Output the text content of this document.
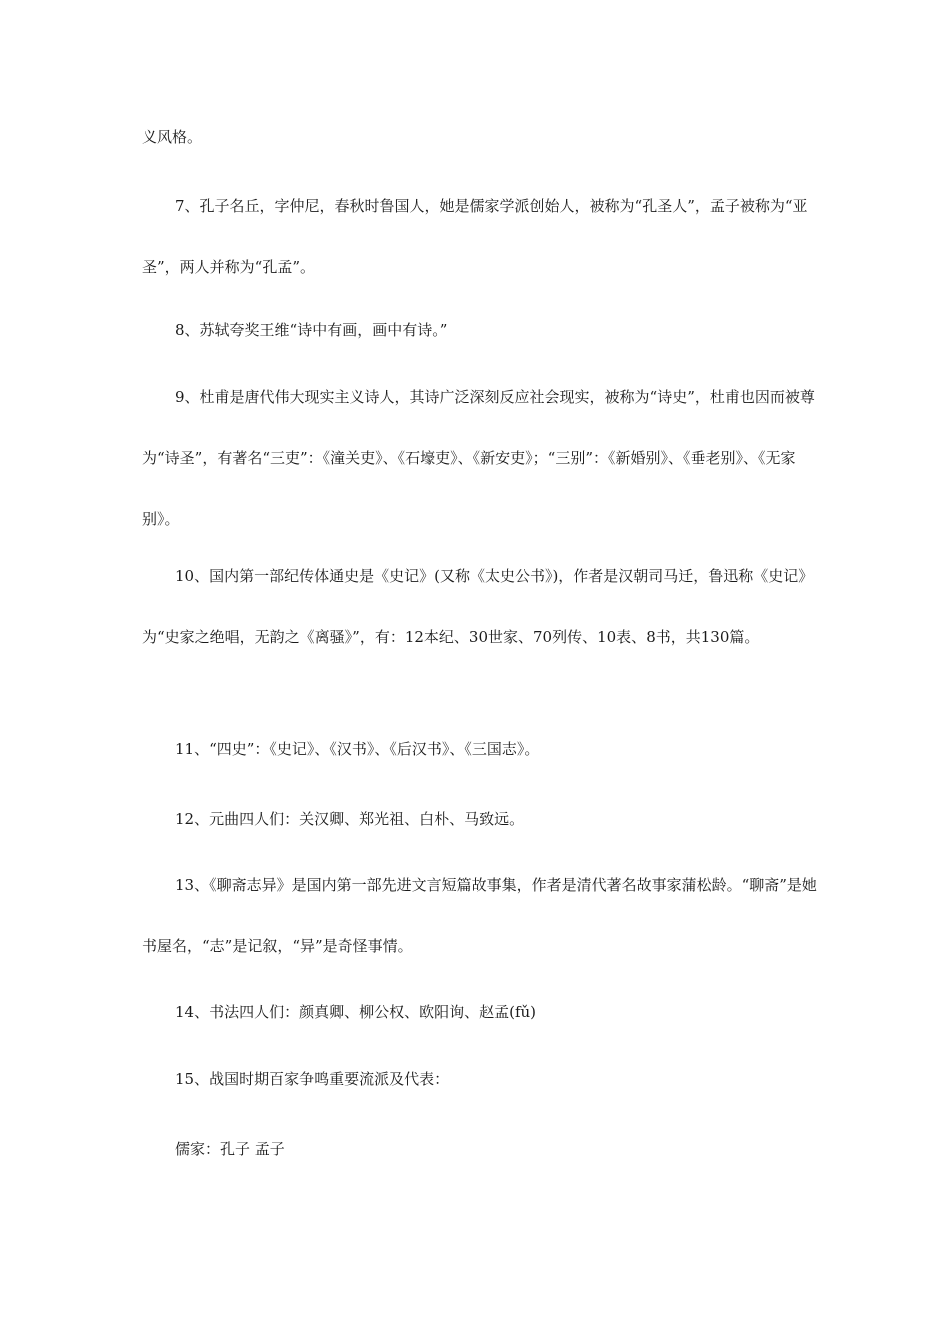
义风格。
7、孔子名丘，字仲尼，春秋时鲁国人，她是儒家学派创始人，被称为“孔圣人”，孟子被称为“亚圣”，两人并称为“孔孟”。
8、苏轼夸奖王维“诗中有画，画中有诗。”
9、杜甫是唐代伟大现实主义诗人，其诗广泛深刻反应社会现实，被称为“诗史”，杜甫也因而被尊为“诗圣”，有著名“三吏”：《潼关吏》、《石壕吏》、《新安吏》；“三别”：《新婚别》、《垂老别》、《无家别》。
10、国内第一部纪传体通史是《史记》(又称《太史公书》)，作者是汉朝司马迁，鲁迅称《史记》为“史家之绝唱，无韵之《离骚》”，有：12本纪、30世家、70列传、10表、8书，共130篇。
11、“四史”：《史记》、《汉书》、《后汉书》、《三国志》。
12、元曲四人们：关汉卿、郑光祖、白朴、马致远。
13、《聊斋志异》是国内第一部先进文言短篇故事集，作者是清代著名故事家蒲松龄。“聊斋”是她书屋名，“志”是记叙，“异”是奇怪事情。
14、书法四人们：颜真卿、柳公权、欧阳询、赵孟(fǔ)
15、战国时期百家争鸣重要流派及代表：
儒家：孔子 孟子
